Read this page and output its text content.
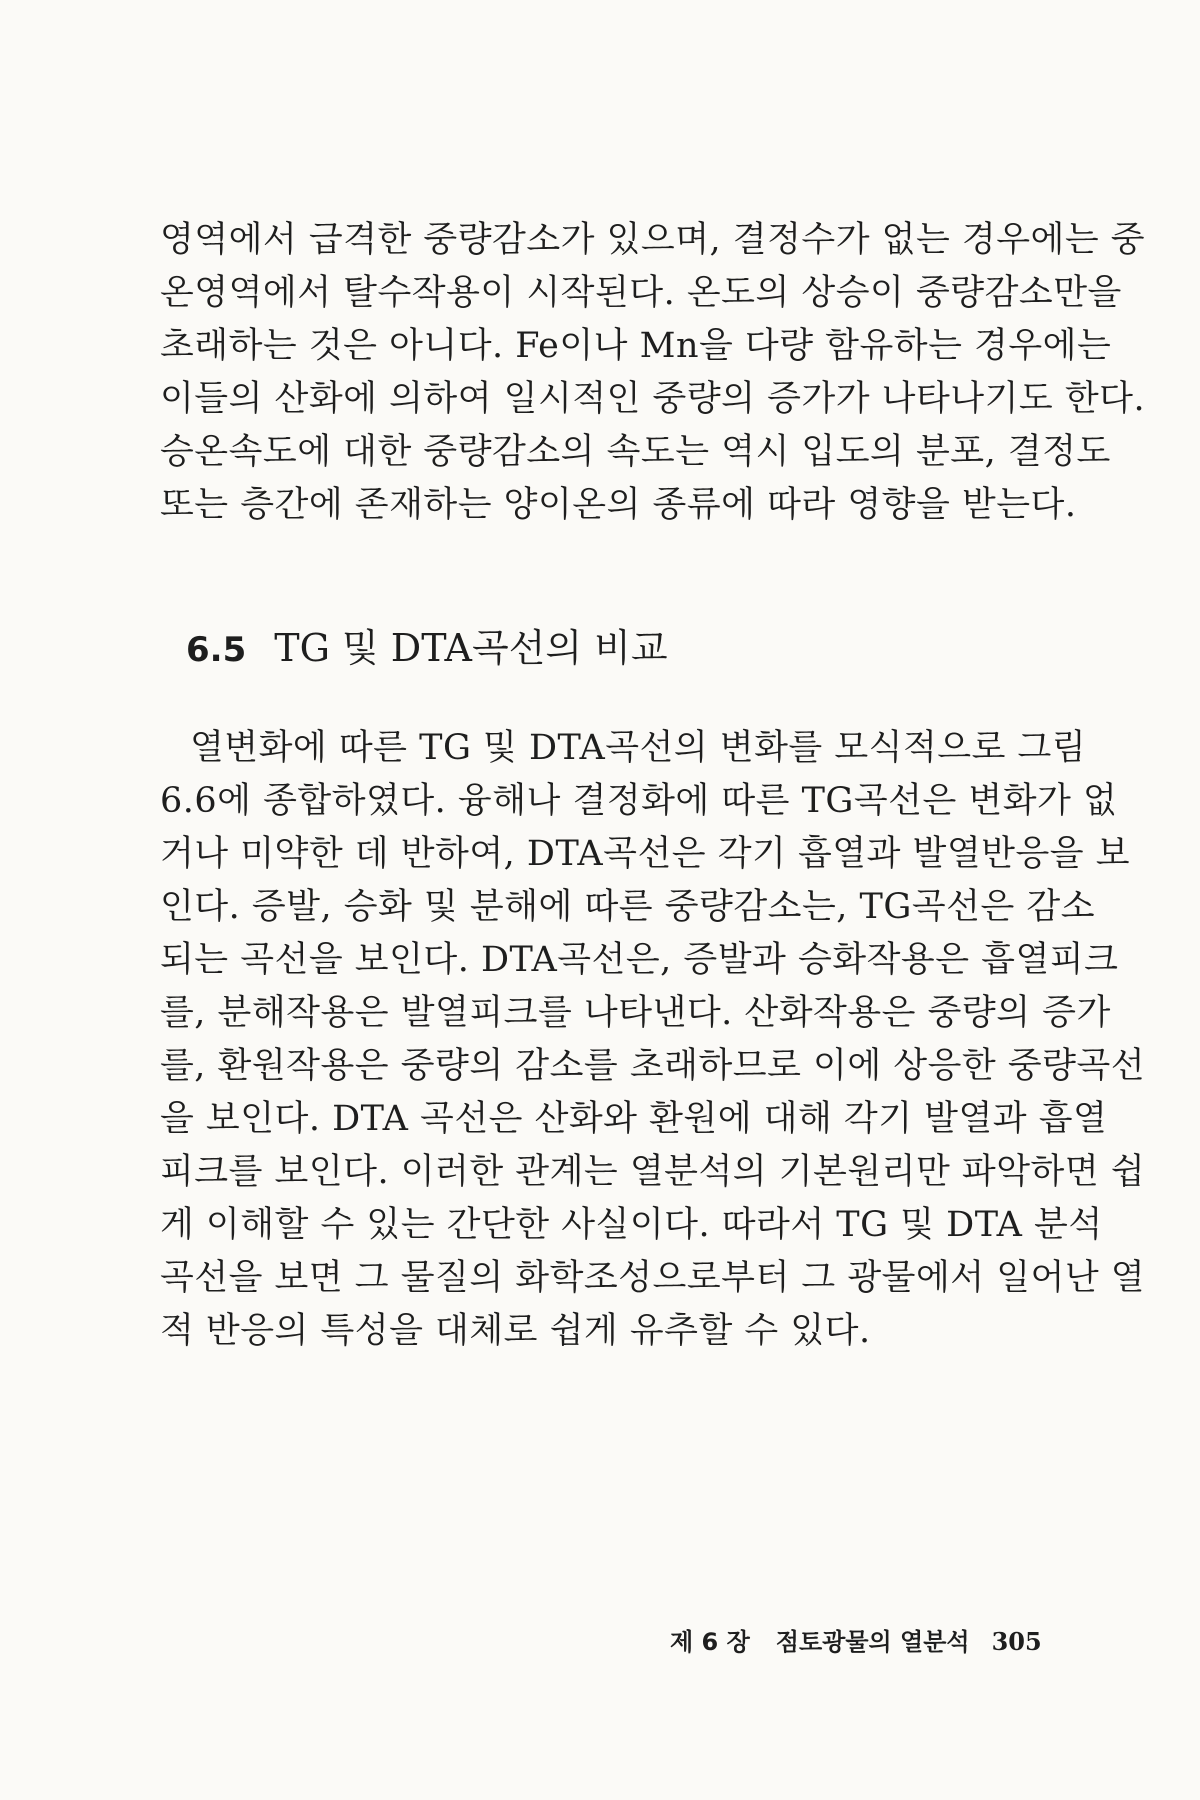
영역에서 급격한 중량감소가 있으며, 결정수가 없는 경우에는 중

온영역에서 탈수작용이 시작된다. 온도의 상승이 중량감소만을

초래하는 것은 아니다. Fe이나 Mn을 다량 함유하는 경우에는

이들의 산화에 의하여 일시적인 중량의 증가가 나타나기도 한다.

승온속도에 대한 중량감소의 속도는 역시 입도의 분포, 결정도

또는 층간에 존재하는 양이온의 종류에 따라 영향을 받는다.

6.5 TG 및 DTA곡선의 비교

열변화에 따른 TG 및 DTA곡선의 변화를 모식적으로 그림

6.6에 종합하였다. 융해나 결정화에 따른 TG곡선은 변화가 없

거나 미약한 데 반하여, DTA곡선은 각기 흡열과 발열반응을 보

인다. 증발, 승화 및 분해에 따른 중량감소는, TG곡선은 감소

되는 곡선을 보인다. DTA곡선은, 증발과 승화작용은 흡열피크

를, 분해작용은 발열피크를 나타낸다. 산화작용은 중량의 증가

를, 환원작용은 중량의 감소를 초래하므로 이에 상응한 중량곡선

을 보인다. DTA 곡선은 산화와 환원에 대해 각기 발열과 흡열

피크를 보인다. 이러한 관계는 열분석의 기본원리만 파악하면 쉽

게 이해할 수 있는 간단한 사실이다. 따라서 TG 및 DTA 분석

곡선을 보면 그 물질의 화학조성으로부터 그 광물에서 일어난 열

적 반응의 특성을 대체로 쉽게 유추할 수 있다.

제 6 장 점토광물의 열분석 305
